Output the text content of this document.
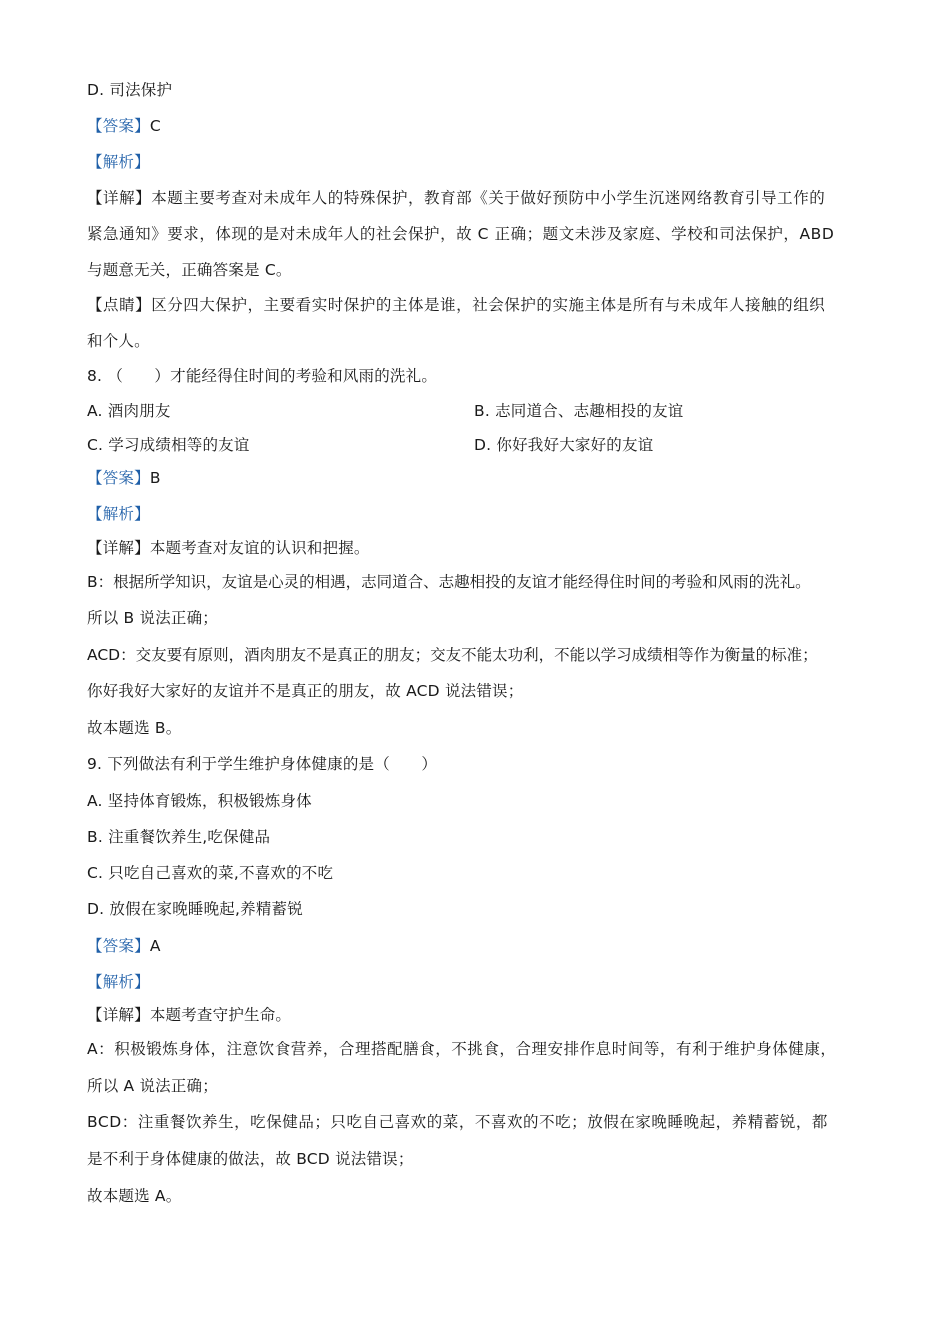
D. 司法保护
【答案】C
【解析】
【详解】本题主要考查对未成年人的特殊保护，教育部《关于做好预防中小学生沉迷网络教育引导工作的
紧急通知》要求，体现的是对未成年人的社会保护，故 C 正确；题文未涉及家庭、学校和司法保护，ABD
与题意无关，正确答案是 C。
【点睛】区分四大保护，主要看实时保护的主体是谁，社会保护的实施主体是所有与未成年人接触的组织
和个人。
8. （　　）才能经得住时间的考验和风雨的洗礼。
A. 酒肉朋友	B. 志同道合、志趣相投的友谊
C. 学习成绩相等的友谊	D. 你好我好大家好的友谊
【答案】B
【解析】
【详解】本题考查对友谊的认识和把握。
B：根据所学知识，友谊是心灵的相遇，志同道合、志趣相投的友谊才能经得住时间的考验和风雨的洗礼。
所以 B 说法正确；
ACD：交友要有原则，酒肉朋友不是真正的朋友；交友不能太功利，不能以学习成绩相等作为衡量的标准；
你好我好大家好的友谊并不是真正的朋友，故 ACD 说法错误；
故本题选 B。
9. 下列做法有利于学生维护身体健康的是（　　）
A. 坚持体育锻炼，积极锻炼身体
B. 注重餐饮养生,吃保健品
C. 只吃自己喜欢的菜,不喜欢的不吃
D. 放假在家晚睡晚起,养精蓄锐
【答案】A
【解析】
【详解】本题考查守护生命。
A：积极锻炼身体，注意饮食营养，合理搭配膳食，不挑食，合理安排作息时间等，有利于维护身体健康，
所以 A 说法正确；
BCD：注重餐饮养生，吃保健品；只吃自己喜欢的菜，不喜欢的不吃；放假在家晚睡晚起，养精蓄锐，都
是不利于身体健康的做法，故 BCD 说法错误；
故本题选 A。
